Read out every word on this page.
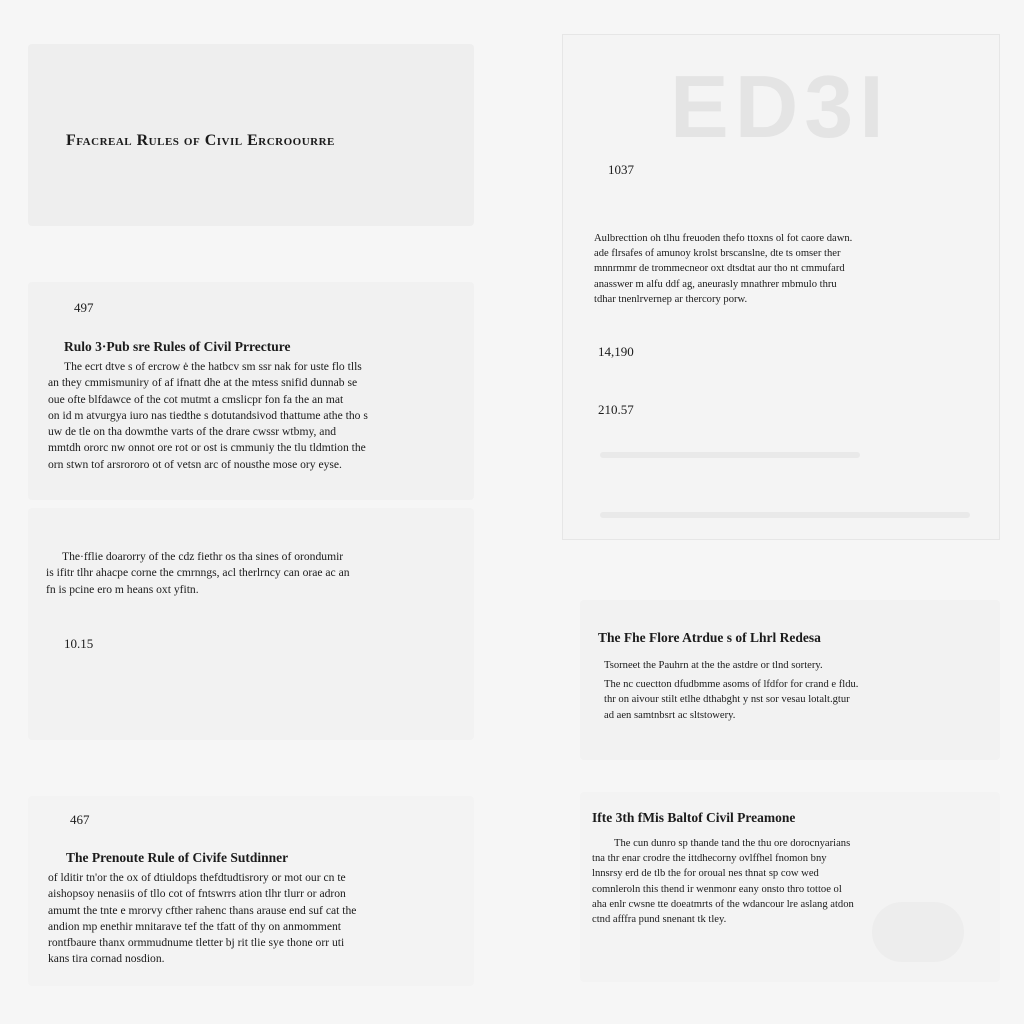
ED3I
Ffacreal Rules of Civil Ercroourre
497
Rulo 3·Pub sre Rules of Civil Prrecture

The ecrt dtve s of ercrow ė the hatbcv sm ssr nak for uste flo tlls
an they cmmismuniry of af ifnatt dhe at the mtess snifid dunnab se
oue ofte blfdawce of the cot mutmt a cmslicpr fon fa the an mat
on id m atvurgya iuro nas tiedthe s dotutandsivod thattume athe tho s
uw de tle on tha dowmthe varts of the drare cwssr wtbmy, and
mmtdh ororc nw onnot ore rot or ost is cmmuniy the tlu tldmtion the
orn stwn tof arsrororo ot of vetsn arc of nousthe mose ory eyse.

The·fflie doarorry of the cdz fiethr os tha sines of orondumir
is ifitr tlhr ahacpe corne the cmrnngs, acl therlrncy can orae ac an
fn is pcine ero m heans oxt yfitn.

10.15
467
The Prenoute Rule of Civife Sutdinner

of lditir tn'or the ox of dtiuldops thefdtudtisrory or mot our cn te
aishopsoy nenasiis of tllo cot of fntswrrs ation tlhr tlurr or adron
amumt the tnte e mrorvy cfther rahenc thans arause end suf cat the
andion mp enethir mnitarave tef the tfatt of thy on anmomment
rontfbaure thanx ormmudnume tletter bj rit tlie sye thone orr uti
kans tira cornad nosdion.

1037

Aulbrecttion oh tlhu freuoden thefo ttoxns ol fot caore dawn.
ade flrsafes of amunoy krolst brscanslne, dte ts omser ther
mnnrmmr de trommecneor oxt dtsdtat aur tho nt cmmufard
anasswer m alfu ddf ag, aneurasly mnathrer mbmulo thru
tdhar tnenlrvernep ar thercory porw.

14,190
210.57
The Fhe Flore Atrdue s of Lhrl Redesa

Tsorneet the Pauhrn at the the astdre or tlnd sortery.
The nc cuectton dfudbmme asoms of lfdfor for crand e fldu.
thr on aivour stilt etlhe dthabght y nst sor vesau lotalt.gtur
ad aen samtnbsrt ac sltstowery.

Ifte 3th fMis Baltof Civil Preamone

The cun dunro sp thande tand the thu ore dorocnyarians
tna thr enar crodre the ittdhecorny ovlffhel fnomon bny
lnnsrsy erd de tlb the for oroual nes thnat sp cow wed
comnleroln this thend ir wenmonr eany onsto thro tottoe ol
aha enlr cwsne tte doeatmrts of the wdancour lre aslang atdon
ctnd afffra pund snenant tk tley.
